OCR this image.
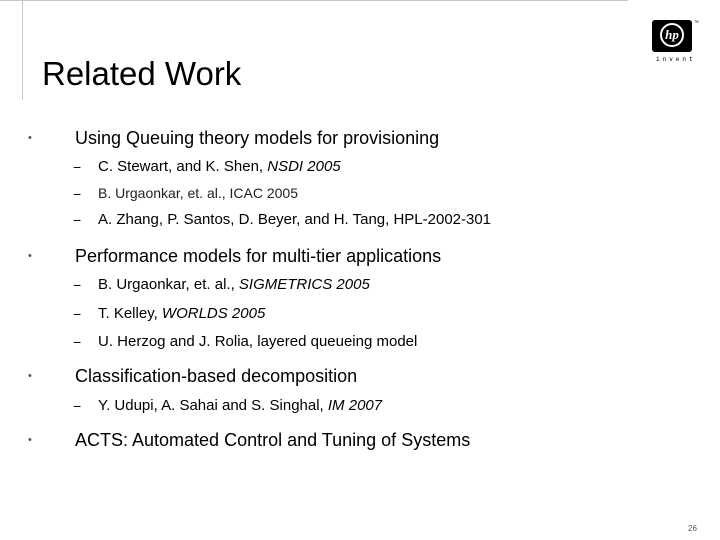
hp
™
invent
Related Work
• Using Queuing theory models for provisioning
− C. Stewart, and K. Shen, NSDI 2005
− B. Urgaonkar, et. al., ICAC 2005
− A. Zhang, P. Santos, D. Beyer, and H. Tang, HPL-2002-301
• Performance models for multi-tier applications
− B. Urgaonkar, et. al., SIGMETRICS 2005
− T. Kelley, WORLDS 2005
− U. Herzog and J. Rolia, layered queueing model
• Classification-based decomposition
− Y. Udupi, A. Sahai and S. Singhal, IM 2007
• ACTS: Automated Control and Tuning of Systems
26
